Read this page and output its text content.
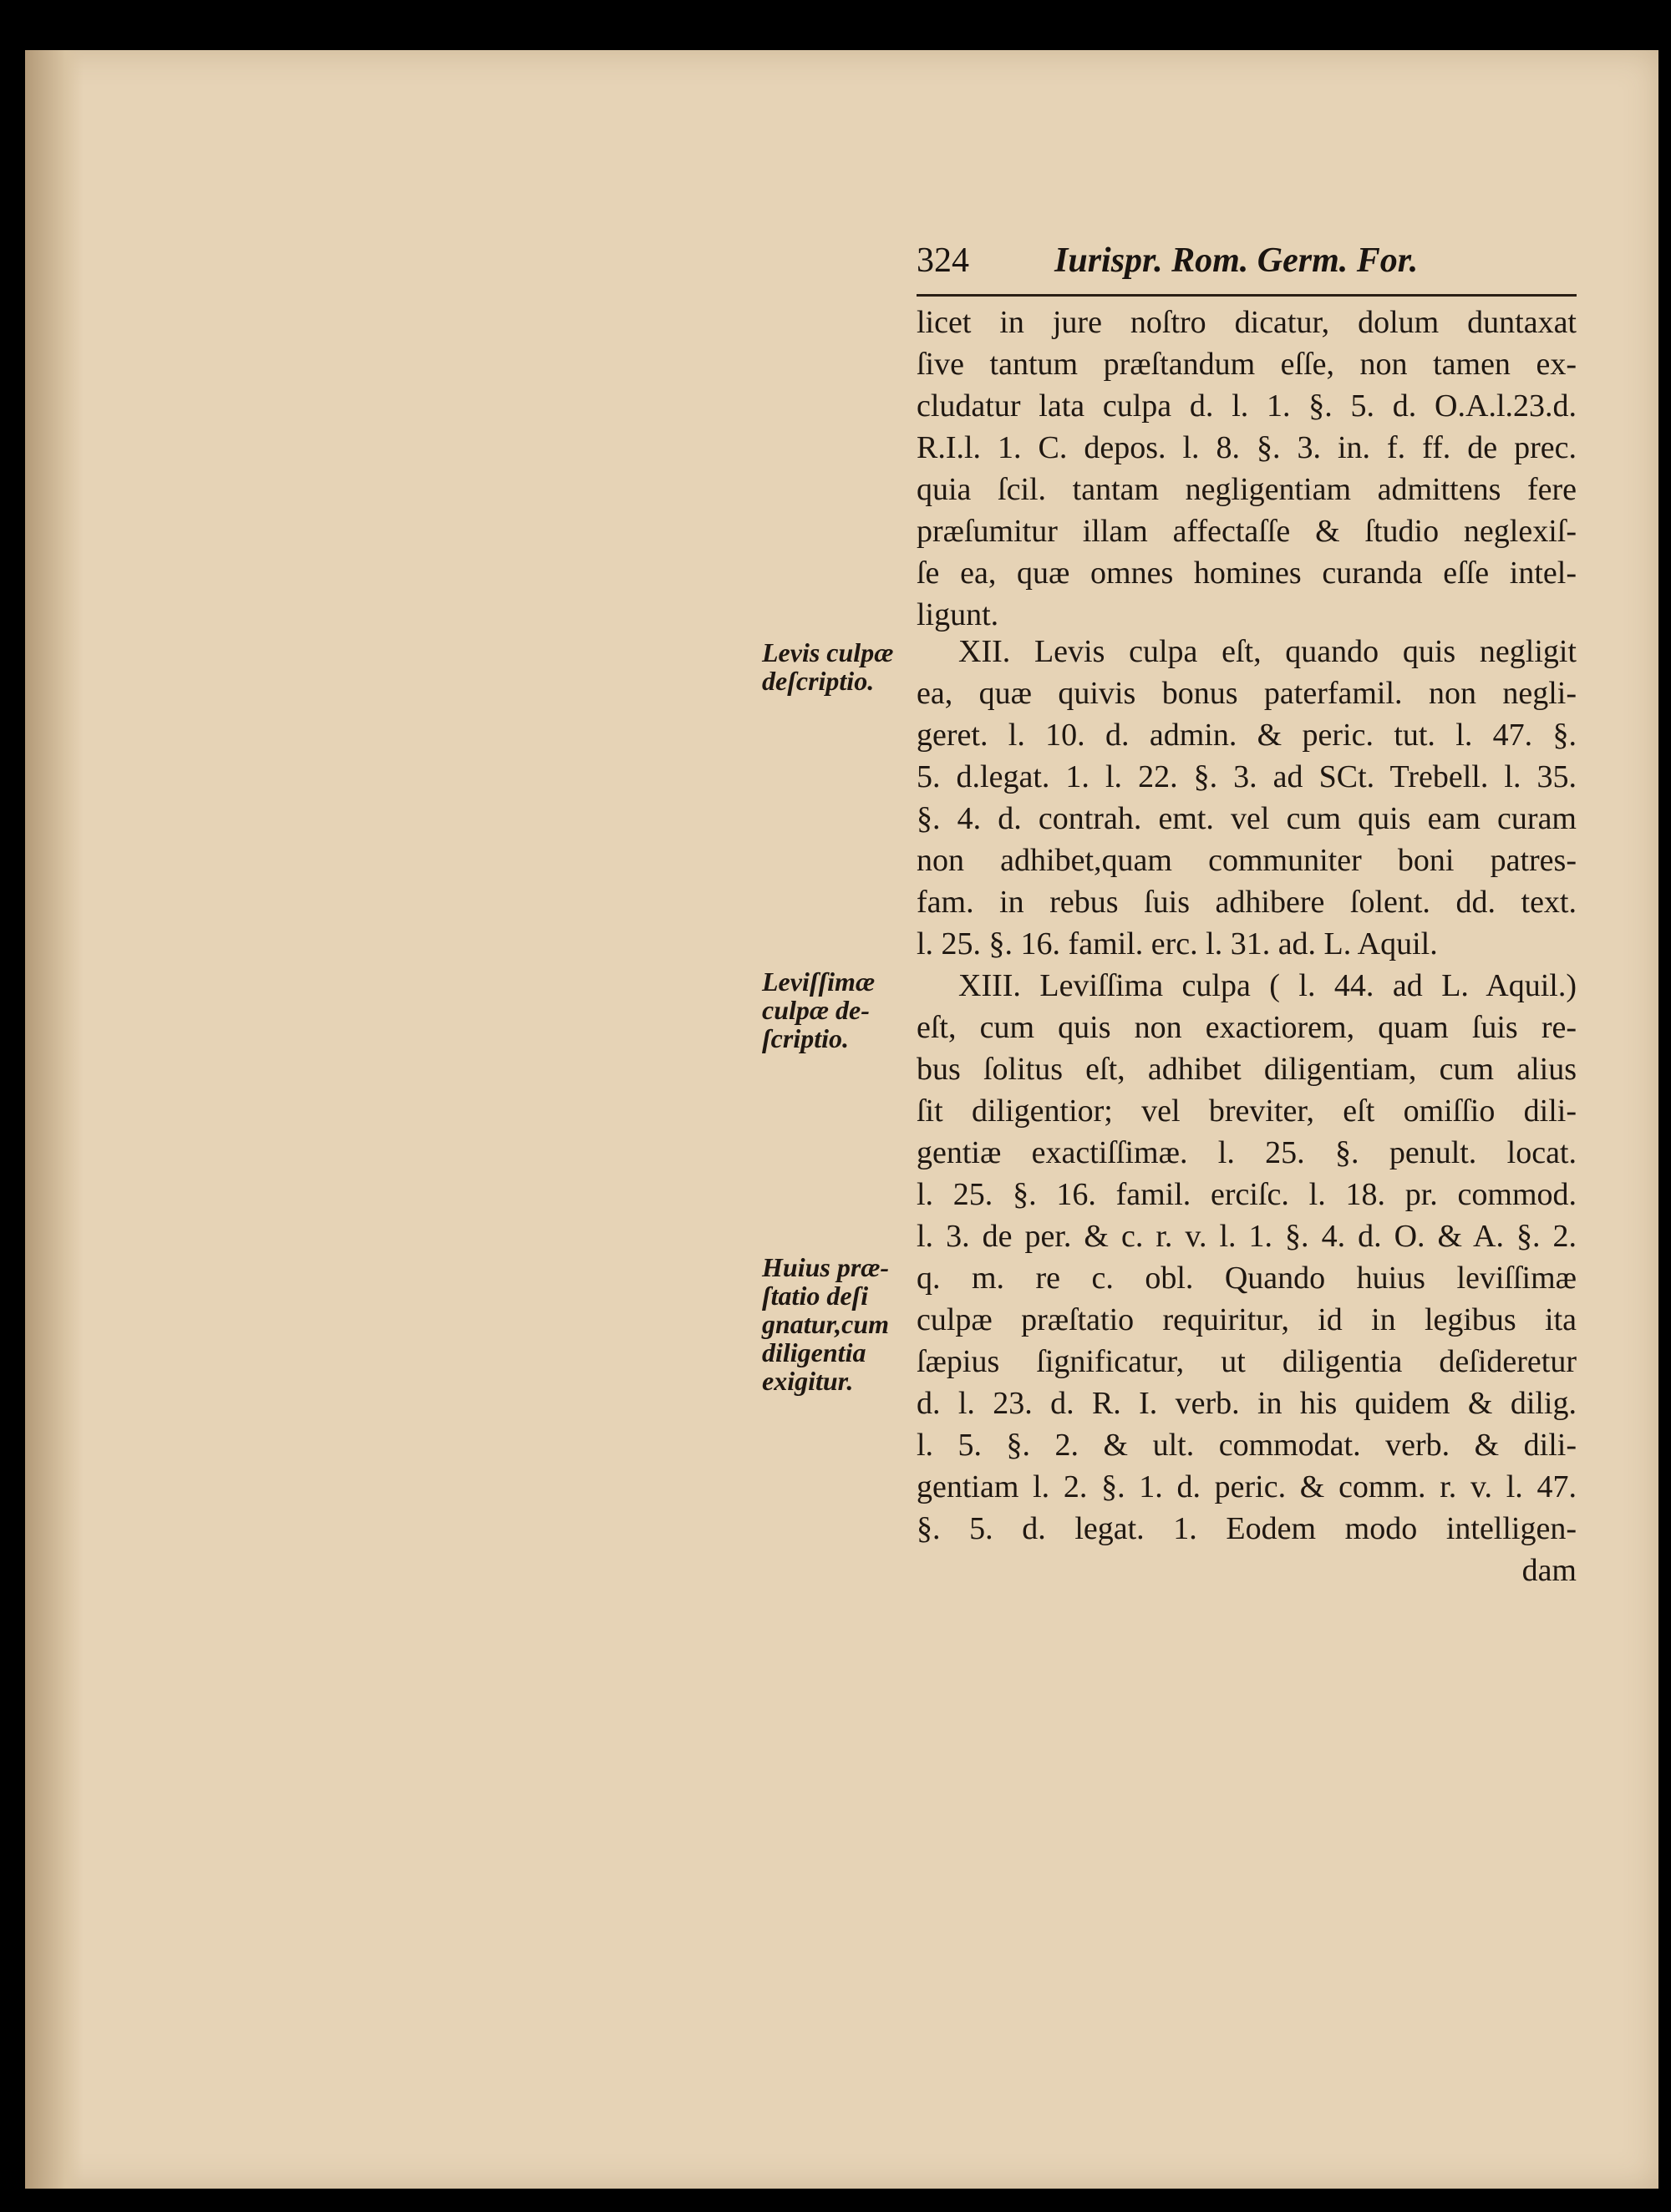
324 Iurispr. Rom. Germ. For.
licet in jure noſtro dicatur, dolum duntaxat
ſive tantum præſtandum eſſe, non tamen ex-
cludatur lata culpa d. l. 1. §. 5. d. O.A.l.23.d.
R.I.l. 1. C. depos. l. 8. §. 3. in. f. ff. de prec.
quia ſcil. tantam negligentiam admittens fere
præſumitur illam affectaſſe & ſtudio neglexiſ-
ſe ea, quæ omnes homines curanda eſſe intel-
ligunt.
XII. Levis culpa eſt, quando quis negligit
ea, quæ quivis bonus paterfamil. non negli-
geret. l. 10. d. admin. & peric. tut. l. 47. §.
5. d.legat. 1. l. 22. §. 3. ad SCt. Trebell. l. 35.
§. 4. d. contrah. emt. vel cum quis eam curam
non adhibet,quam communiter boni patres-
fam. in rebus ſuis adhibere ſolent. dd. text.
l. 25. §. 16. famil. erc. l. 31. ad. L. Aquil.
XIII. Leviſſima culpa ( l. 44. ad L. Aquil.)
eſt, cum quis non exactiorem, quam ſuis re-
bus ſolitus eſt, adhibet diligentiam, cum alius
ſit diligentior; vel breviter, eſt omiſſio dili-
gentiæ exactiſſimæ. l. 25. §. penult. locat.
l. 25. §. 16. famil. erciſc. l. 18. pr. commod.
l. 3. de per. & c. r. v. l. 1. §. 4. d. O. & A. §. 2.
q. m. re c. obl. Quando huius leviſſimæ
culpæ præſtatio requiritur, id in legibus ita
ſæpius ſignificatur, ut diligentia deſideretur
d. l. 23. d. R. I. verb. in his quidem & dilig.
l. 5. §. 2. & ult. commodat. verb. & dili-
gentiam l. 2. §. 1. d. peric. & comm. r. v. l. 47.
§. 5. d. legat. 1. Eodem modo intelligen-
dam
Levis culpæ
deſcriptio.
Leviſſimæ
culpæ de-
ſcriptio.
Huius præ-
ſtatio deſi
gnatur,cum
diligentia
exigitur.
